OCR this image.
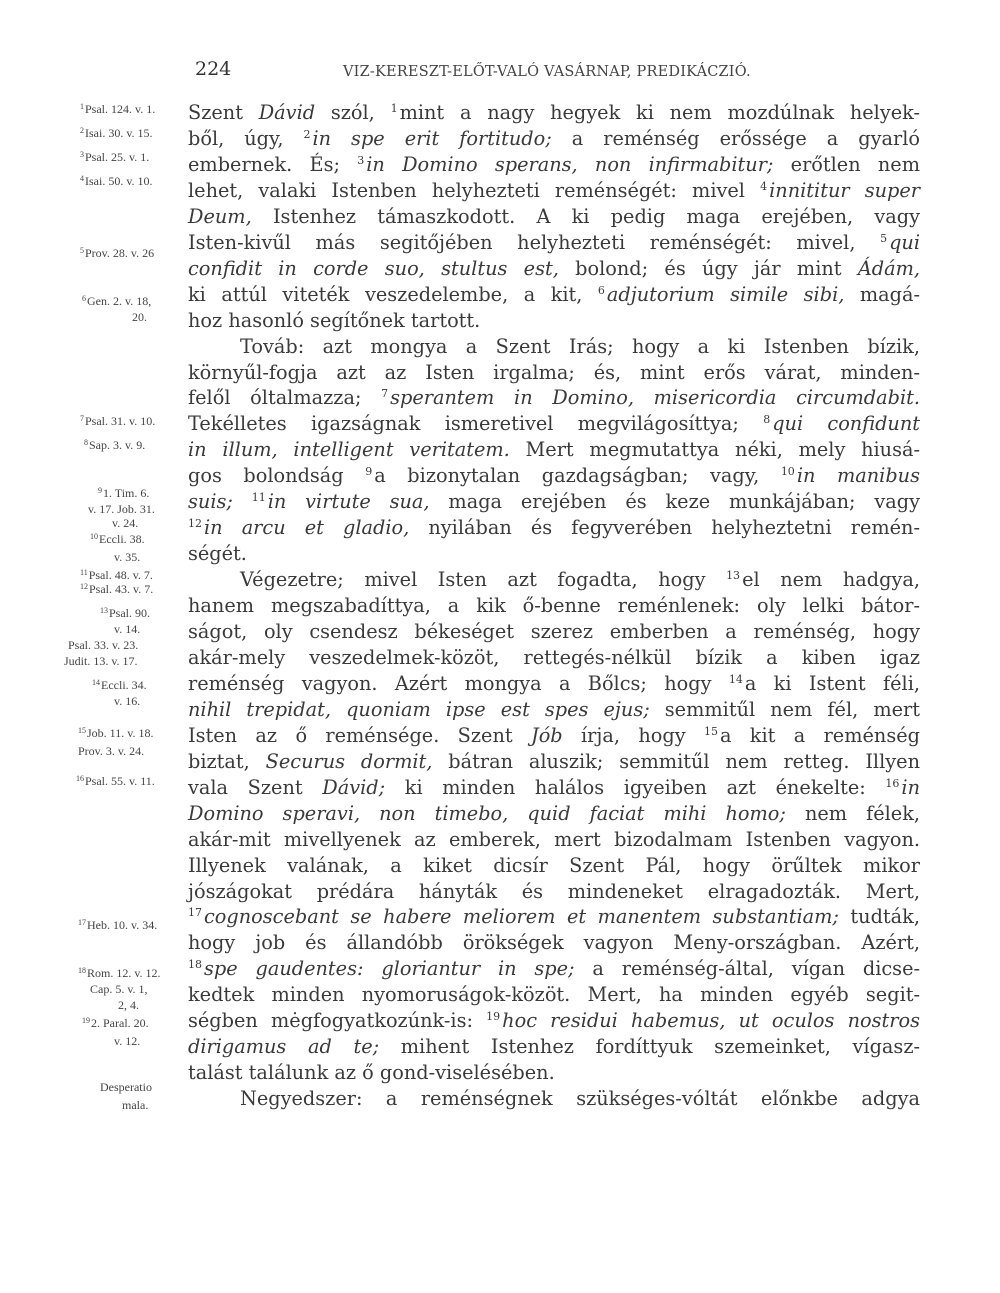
224	VIZ-KERESZT-ELŐT-VALÓ VASÁRNAP, PREDIKÁCZIÓ.
Szent Dávid szól, $^1$ mint a nagy hegyek ki nem mozdúlnak helyek-
ből, úgy, $^2$ in spe erit fortitudo; a reménség erőssége a gyarló
embernek. És; $^3$ in Domino sperans, non infirmabitur; erőtlen nem
lehet, valaki Istenben helyhezteti reménségét: mivel $^4$ innititur super
Deum, Istenhez támaszkodott. A ki pedig maga erejében, vagy
Isten-kivűl más segitőjében helyhezteti reménségét: mivel, $^5$ qui
confidit in corde suo, stultus est, bolond; és úgy jár mint Ádám,
ki attúl viteték veszedelembe, a kit, $^6$ adjutorium simile sibi, magá-
hoz hasonló segítőnek tartott.
Továb: azt mongya a Szent Irás; hogy a ki Istenben bízik,
környűl-fogja azt az Isten irgalma; és, mint erős várat, minden-
felől óltalmazza; $^7$ sperantem in Domino, misericordia circumdabit.
Tekélletes igazságnak ismeretivel megvilágosíttya; $^8$ qui confidunt
in illum, intelligent veritatem. Mert megmutattya néki, mely hiusá-
gos bolondság $^9$ a bizonytalan gazdagságban; vagy, $^{10}$ in manibus
suis; $^{11}$ in virtute sua, maga erejében és keze munkájában; vagy
$^{12}$ in arcu et gladio, nyilában és fegyverében helyheztetni remén-
ségét.
Végezetre; mivel Isten azt fogadta, hogy $^{13}$ el nem hadgya,
hanem megszabadíttya, a kik ő-benne reménlenek: oly lelki bátor-
ságot, oly csendesz békeséget szerez emberben a reménség, hogy
akár-mely veszedelmek-közöt, rettegés-nélkül bízik a kiben igaz
reménség vagyon. Azért mongya a Bőlcs; hogy $^{14}$ a ki Istent féli,
nihil trepidat, quoniam ipse est spes ejus; semmitűl nem fél, mert
Isten az ő reménsége. Szent Jób írja, hogy $^{15}$ a kit a reménség
biztat, Securus dormit, bátran aluszik; semmitűl nem retteg. Illyen
vala Szent Dávid; ki minden halálos igyeiben azt énekelte: $^{16}$ in
Domino speravi, non timebo, quid faciat mihi homo; nem félek,
akár-mit mivellyenek az emberek, mert bizodalmam Istenben vagyon.
Illyenek valának, a kiket dicsír Szent Pál, hogy örűltek mikor
jószágokat prédára hányták és mindeneket elragadozták. Mert,
$^{17}$ cognoscebant se habere meliorem et manentem substantiam; tudták,
hogy job és állandóbb örökségek vagyon Meny-országban. Azért,
$^{18}$ spe gaudentes: gloriantur in spe; a reménség-által, vígan dicse-
kedtek minden nyomoruságok-közöt. Mert, ha minden egyéb segit-
ségben mėgfogyatkozúnk-is: $^{19}$ hoc residui habemus, ut oculos nostros
dirigamus ad te; mihent Istenhez fordíttyuk szemeinket, vígasz-
talást találunk az ő gond-viselésében.
Negyedszer: a reménségnek szükséges-vóltát előnkbe adgya
$^1$Psal. 124. v. 1.
$^2$Isai. 30. v. 15.
$^3$Psal. 25. v. 1.
$^4$Isai. 50. v. 10.
$^5$Prov. 28. v. 26
$^6$Gen. 2. v. 18,
20.
$^7$Psal. 31. v. 10.
$^8$Sap. 3. v. 9.
$^9$1. Tim. 6.
v. 17. Job. 31.
v. 24.
$^{10}$Eccli. 38.
v. 35.
$^{11}$Psal. 48. v. 7.
$^{12}$Psal. 43. v. 7.
$^{13}$Psal. 90.
v. 14.
Psal. 33. v. 23.
Judit. 13. v. 17.
$^{14}$Eccli. 34.
v. 16.
$^{15}$Job. 11. v. 18.
Prov. 3. v. 24.
$^{16}$Psal. 55. v. 11.
$^{17}$Heb. 10. v. 34.
$^{18}$Rom. 12. v. 12.
Cap. 5. v. 1,
2, 4.
$^{19}$2. Paral. 20.
v. 12.
Desperatio
mala.
